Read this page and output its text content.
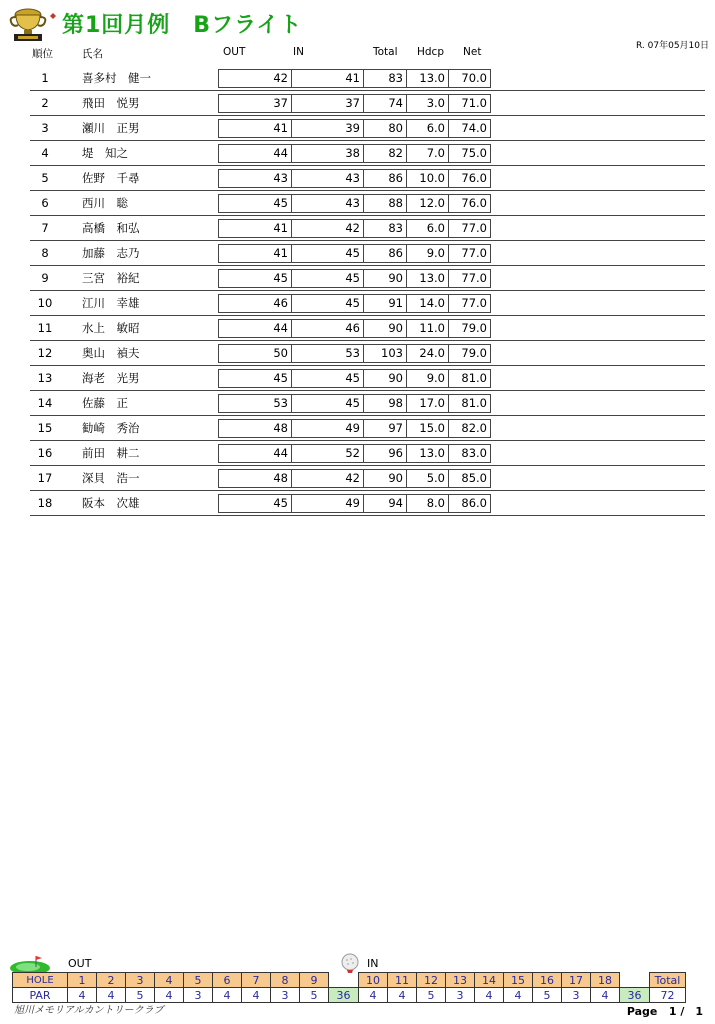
第1回月例　Bフライト
R. 07年05月10日
順位	氏名	OUT	IN	Total Hdcp Net
1	喜多村　健一	42	41	83	13.0	70.0
2	飛田　悦男	37	37	74	3.0	71.0
3	瀬川　正男	41	39	80	6.0	74.0
4	堤　知之	44	38	82	7.0	75.0
5	佐野　千尋	43	43	86	10.0	76.0
6	西川　聡	45	43	88	12.0	76.0
7	高橋　和弘	41	42	83	6.0	77.0
8	加藤　志乃	41	45	86	9.0	77.0
9	三宮　裕紀	45	45	90	13.0	77.0
10	江川　幸雄	46	45	91	14.0	77.0
11	水上　敏昭	44	46	90	11.0	79.0
12	奥山　禎夫	50	53	103	24.0	79.0
13	海老　光男	45	45	90	9.0	81.0
14	佐藤　正	53	45	98	17.0	81.0
15	勧崎　秀治	48	49	97	15.0	82.0
16	前田　耕二	44	52	96	13.0	83.0
17	深貝　浩一	48	42	90	5.0	85.0
18	阪本　次雄	45	49	94	8.0	86.0
OUT	IN
HOLE	1	2	3	4	5	6	7	8	9		10	11	12	13	14	15	16	17	18		Total
PAR	4	4	5	4	3	4	4	3	5	36	4	4	5	3	4	4	5	3	4	36	72
旭川メモリアルカントリークラブ	Page 1 /　1
